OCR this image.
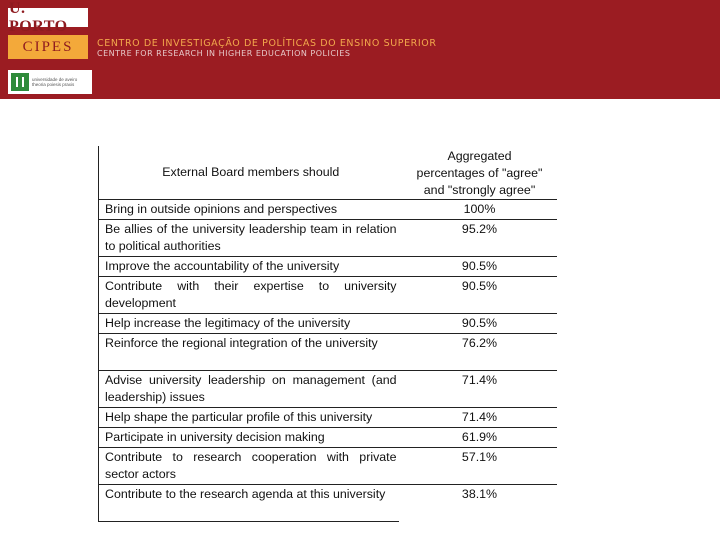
U. PORTO
CIPES
universidade de aveiro
theoria poiesis praxis
CENTRO DE INVESTIGAÇÃO DE POLÍTICAS DO ENSINO SUPERIOR
CENTRE FOR RESEARCH IN HIGHER EDUCATION POLICIES
External Board members should	Aggregated
percentages of "agree"
and "strongly agree"

Bring in outside opinions and perspectives	100%
Be allies of the university leadership team in relation to political authorities	95.2%
Improve the accountability of the university	90.5%
Contribute with their expertise to university development	90.5%
Help increase the legitimacy of the university	90.5%
Reinforce the regional integration of the university	76.2%
Advise university leadership on management (and leadership) issues	71.4%
Help shape the particular profile of this university	71.4%
Participate in university decision making	61.9%
Contribute to research cooperation with private sector actors	57.1%
Contribute to the research agenda at this university	38.1%
